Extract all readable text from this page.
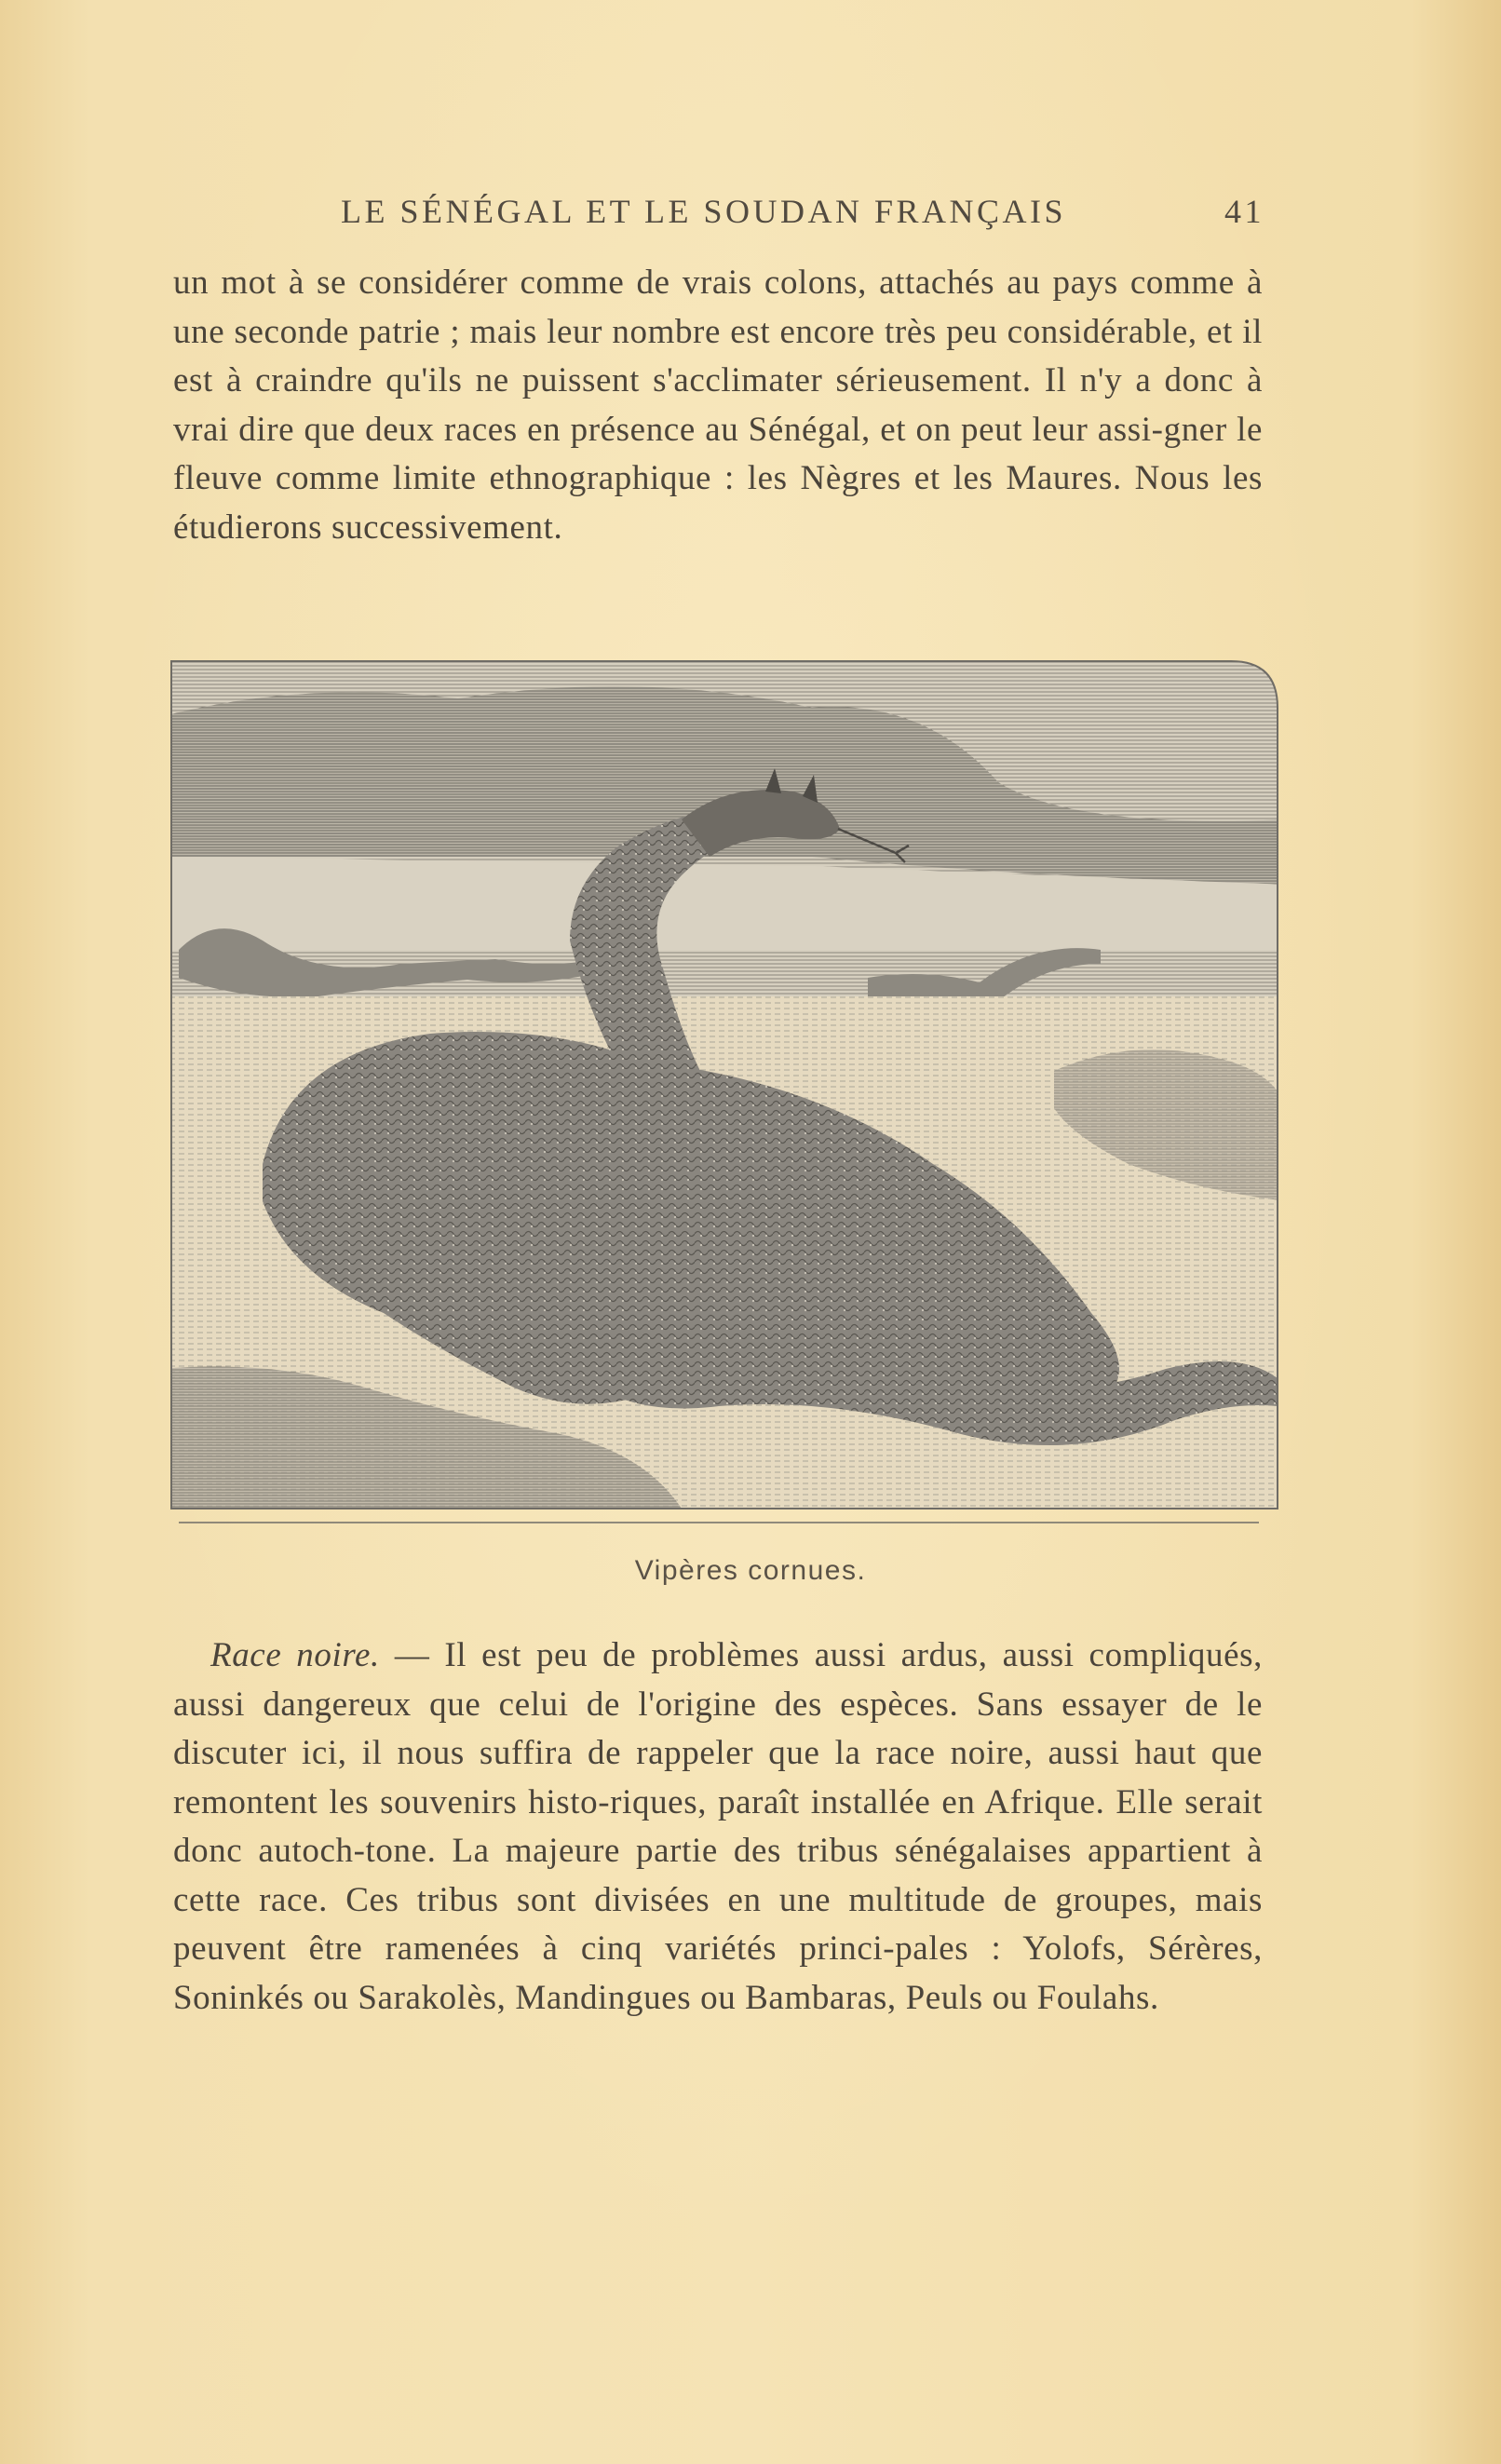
LE SÉNÉGAL ET LE SOUDAN FRANÇAIS	41

un mot à se considérer comme de vrais colons, attachés au pays comme à une seconde patrie ; mais leur nombre est encore très peu considérable, et il est à craindre qu'ils ne puissent s'acclimater sérieusement. Il n'y a donc à vrai dire que deux races en présence au Sénégal, et on peut leur assi-gner le fleuve comme limite ethnographique : les Nègres et les Maures. Nous les étudierons successivement.

Vipères cornues.

Race noire. — Il est peu de problèmes aussi ardus, aussi compliqués, aussi dangereux que celui de l'origine des espèces. Sans essayer de le discuter ici, il nous suffira de rappeler que la race noire, aussi haut que remontent les souvenirs histo-riques, paraît installée en Afrique. Elle serait donc autoch-tone. La majeure partie des tribus sénégalaises appartient à cette race. Ces tribus sont divisées en une multitude de groupes, mais peuvent être ramenées à cinq variétés princi-pales : Yolofs, Sérères, Soninkés ou Sarakolès, Mandingues ou Bambaras, Peuls ou Foulahs.
